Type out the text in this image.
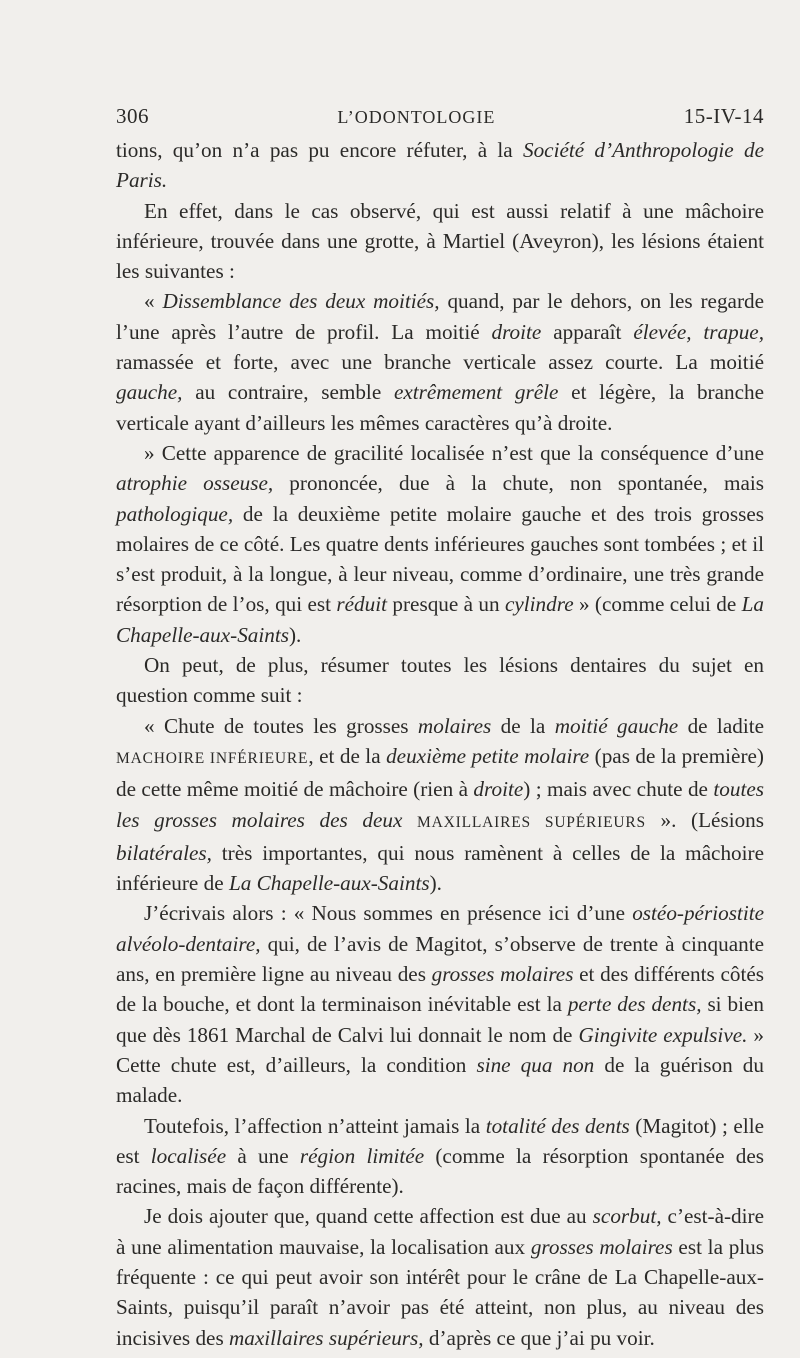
306	L’ODONTOLOGIE	15-IV-14

tions, qu’on n’a pas pu encore réfuter, à la Société d’Anthropologie de Paris.

En effet, dans le cas observé, qui est aussi relatif à une mâchoire inférieure, trouvée dans une grotte, à Martiel (Aveyron), les lésions étaient les suivantes :

« Dissemblance des deux moitiés, quand, par le dehors, on les regarde l’une après l’autre de profil. La moitié droite apparaît élevée, trapue, ramassée et forte, avec une branche verticale assez courte. La moitié gauche, au contraire, semble extrêmement grêle et légère, la branche verticale ayant d’ailleurs les mêmes caractères qu’à droite.

» Cette apparence de gracilité localisée n’est que la conséquence d’une atrophie osseuse, prononcée, due à la chute, non spontanée, mais pathologique, de la deuxième petite molaire gauche et des trois grosses molaires de ce côté. Les quatre dents inférieures gauches sont tombées ; et il s’est produit, à la longue, à leur niveau, comme d’ordinaire, une très grande résorption de l’os, qui est réduit presque à un cylindre » (comme celui de La Chapelle-aux-Saints).

On peut, de plus, résumer toutes les lésions dentaires du sujet en question comme suit :

« Chute de toutes les grosses molaires de la moitié gauche de ladite MACHOIRE INFÉRIEURE, et de la deuxième petite molaire (pas de la première) de cette même moitié de mâchoire (rien à droite) ; mais avec chute de toutes les grosses molaires des deux MAXILLAIRES SUPÉRIEURS ». (Lésions bilatérales, très importantes, qui nous ramènent à celles de la mâchoire inférieure de La Chapelle-aux-Saints).

J’écrivais alors : « Nous sommes en présence ici d’une ostéo-périostite alvéolo-dentaire, qui, de l’avis de Magitot, s’observe de trente à cinquante ans, en première ligne au niveau des grosses molaires et des différents côtés de la bouche, et dont la terminaison inévitable est la perte des dents, si bien que dès 1861 Marchal de Calvi lui donnait le nom de Gingivite expulsive. » Cette chute est, d’ailleurs, la condition sine qua non de la guérison du malade.

Toutefois, l’affection n’atteint jamais la totalité des dents (Magitot) ; elle est localisée à une région limitée (comme la résorption spontanée des racines, mais de façon différente).

Je dois ajouter que, quand cette affection est due au scorbut, c’est-à-dire à une alimentation mauvaise, la localisation aux grosses molaires est la plus fréquente : ce qui peut avoir son intérêt pour le crâne de La Chapelle-aux-Saints, puisqu’il paraît n’avoir pas été atteint, non plus, au niveau des incisives des maxillaires supérieurs, d’après ce que j’ai pu voir.
